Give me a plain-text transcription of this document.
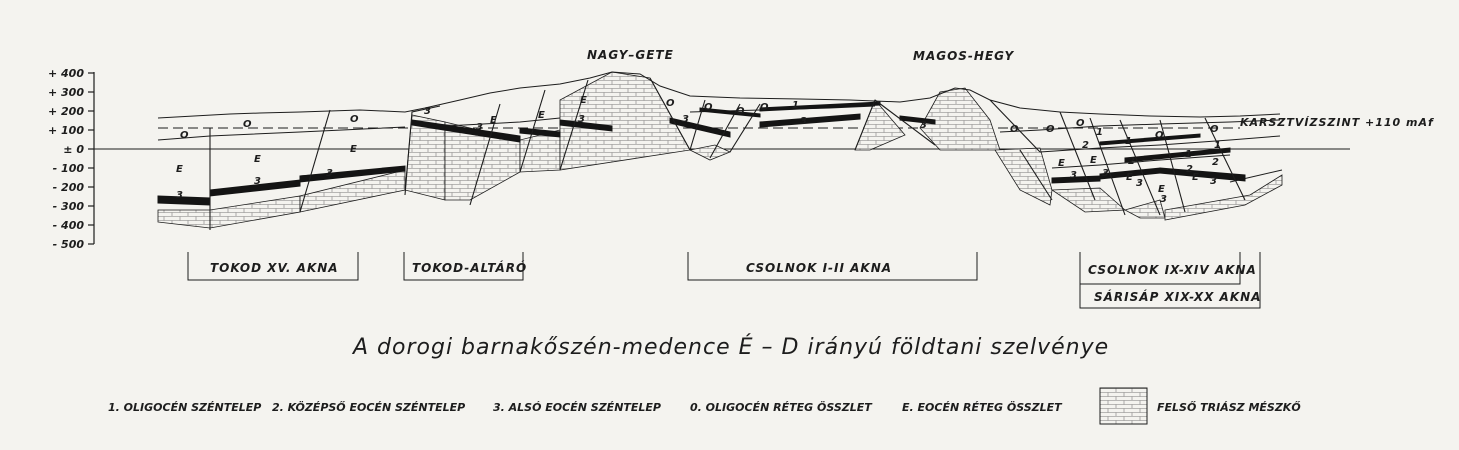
+ 400
+ 300
+ 200
+ 100
± 0
- 100
- 200
- 300
- 400
- 500
O
O	O
E
E
E
E	E
E	O	O O O
O	O
O
O
O
E	E
E
E
E
3
3
3
3
3
3	3	3	3
1
1
1
1
1
2
2
2
2
3	3
3
3
3
NAGY–GETE	MAGOS-HEGY
KARSZTVÍZSZINT +110 mAf
TOKOD XV. AKNA	TOKOD-ALTÁRÓ	CSOLNOK I-II AKNA	CSOLNOK IX-XIV AKNA
SÁRISÁP XIX-XX AKNA
A dorogi barnakőszén-medence É – D irányú földtani szelvénye
1. OLIGOCÉN SZÉNTELEP 2. KÖZÉPSŐ EOCÉN SZÉNTELEP	3. ALSÓ EOCÉN SZÉNTELEP	0. OLIGOCÉN RÉTEG ÖSSZLET	E. EOCÉN RÉTEG ÖSSZLET	FELSŐ TRIÁSZ MÉSZKŐ
